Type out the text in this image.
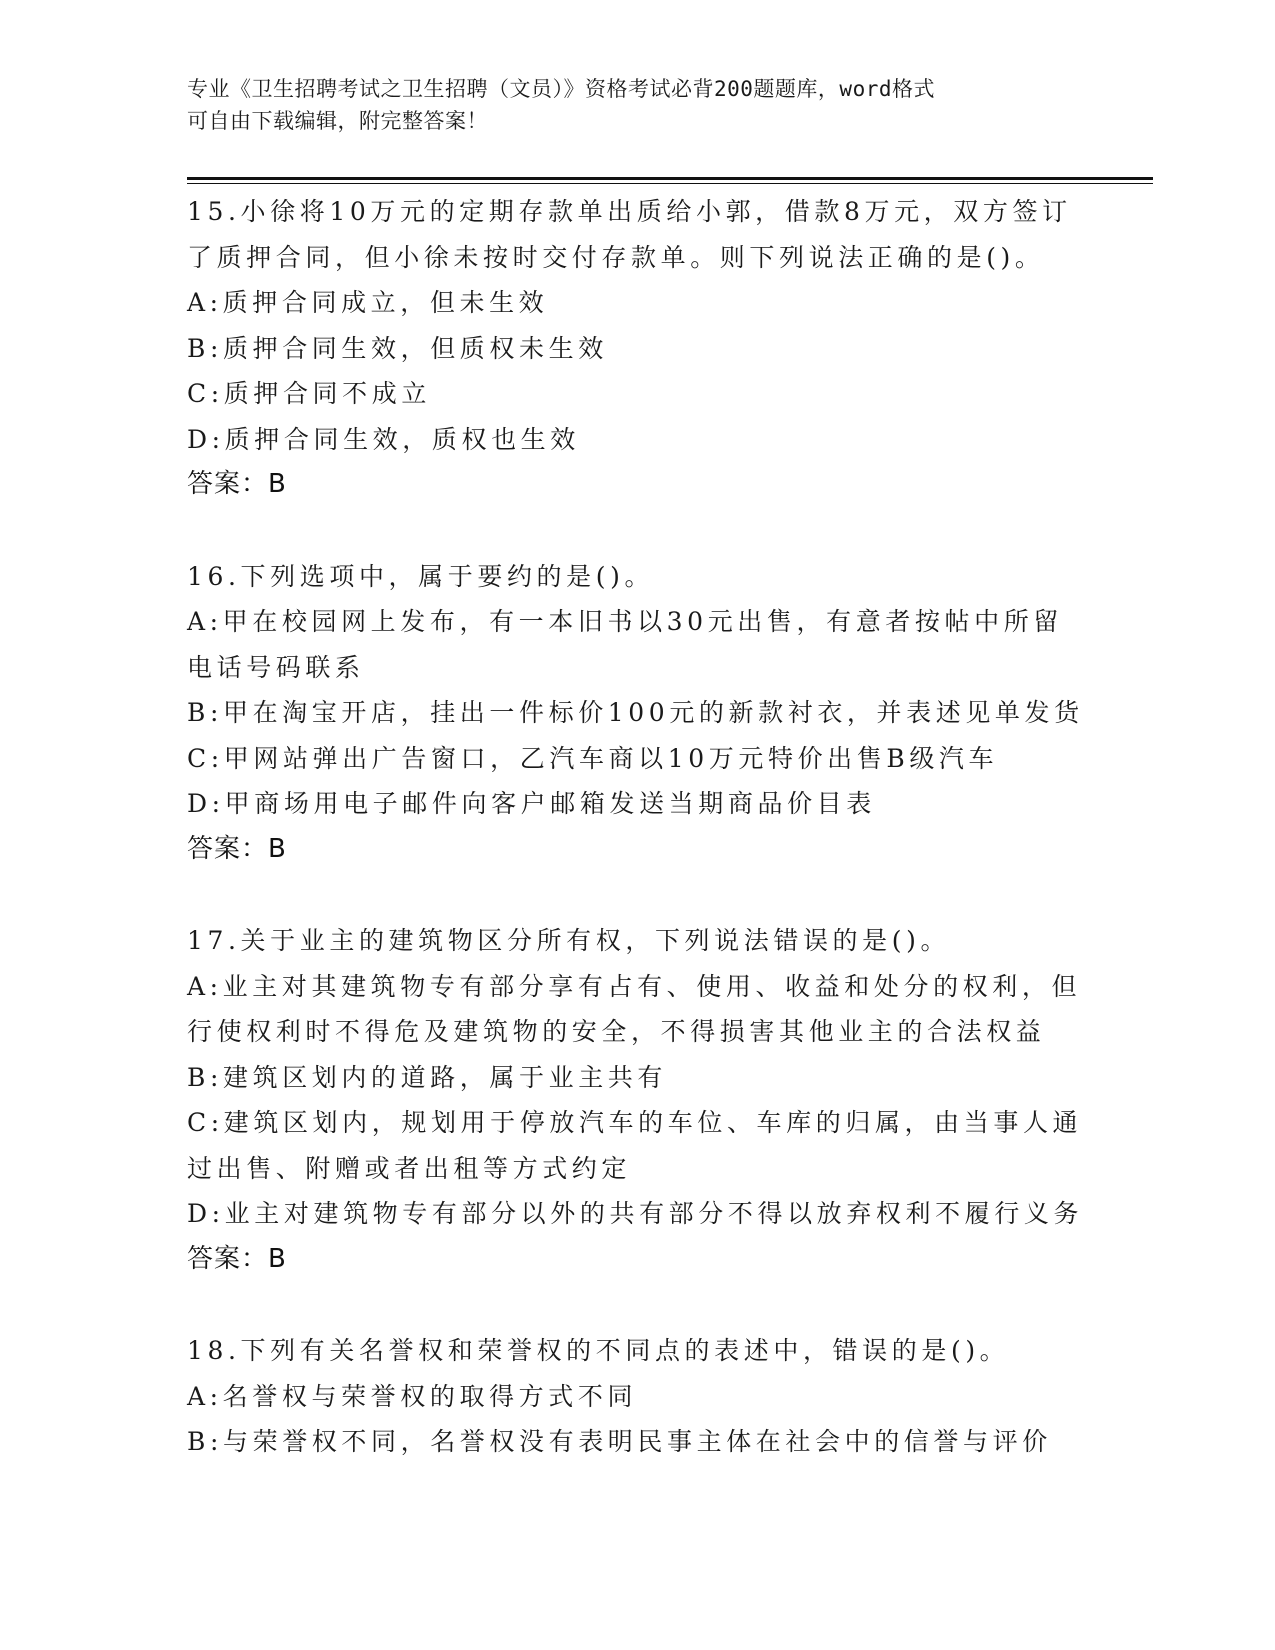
专业《卫生招聘考试之卫生招聘（文员）》资格考试必背200题题库，word格式
可自由下载编辑，附完整答案！
15.小徐将10万元的定期存款单出质给小郭，借款8万元，双方签订
了质押合同，但小徐未按时交付存款单。则下列说法正确的是()。
A:质押合同成立，但未生效
B:质押合同生效，但质权未生效
C:质押合同不成立
D:质押合同生效，质权也生效
答案：B
16.下列选项中，属于要约的是()。
A:甲在校园网上发布，有一本旧书以30元出售，有意者按帖中所留
电话号码联系
B:甲在淘宝开店，挂出一件标价100元的新款衬衣，并表述见单发货
C:甲网站弹出广告窗口，乙汽车商以10万元特价出售B级汽车
D:甲商场用电子邮件向客户邮箱发送当期商品价目表
答案：B
17.关于业主的建筑物区分所有权，下列说法错误的是()。
A:业主对其建筑物专有部分享有占有、使用、收益和处分的权利，但
行使权利时不得危及建筑物的安全，不得损害其他业主的合法权益
B:建筑区划内的道路，属于业主共有
C:建筑区划内，规划用于停放汽车的车位、车库的归属，由当事人通
过出售、附赠或者出租等方式约定
D:业主对建筑物专有部分以外的共有部分不得以放弃权利不履行义务
答案：B
18.下列有关名誉权和荣誉权的不同点的表述中，错误的是()。
A:名誉权与荣誉权的取得方式不同
B:与荣誉权不同，名誉权没有表明民事主体在社会中的信誉与评价
